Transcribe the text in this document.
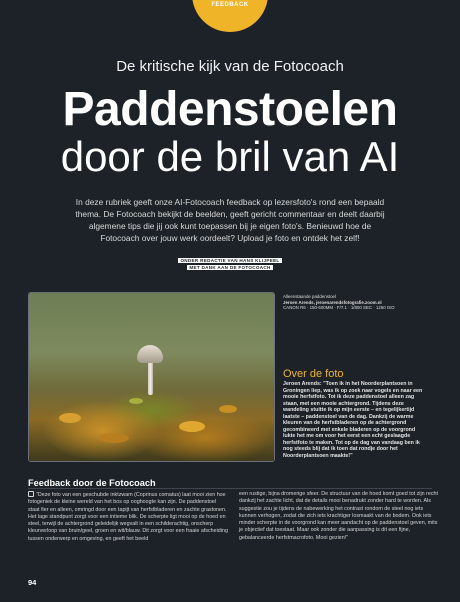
FEEDBACK
De kritische kijk van de Fotocoach
Paddenstoelen
door de bril van AI
In deze rubriek geeft onze AI-Fotocoach feedback op lezersfoto's rond een bepaald thema. De Fotocoach bekijkt de beelden, geeft gericht commentaar en deelt daarbij algemene tips die jij ook kunt toepassen bij je eigen foto's. Benieuwd hoe de Fotocoach over jouw werk oordeelt? Upload je foto en ontdek het zelf!
ONDER REDACTIE VAN HANS KLIJPEEL
MET DANK AAN DE FOTOCOACH
Alleenstaande paddenstoel
Jeroen Arends, jeroenarendsfotografie.zoom.nl
CANON R6 · 150-600MM · F/7.1 · 1/800 SEC · 1250 ISO
Over de foto
Jeroen Arends: "Toen ik in het Noorderplantsoen in Groningen liep, was ik op zoek naar vogels en naar een mooie herfstfoto. Tot ik deze paddenstoel alleen zag staan, met een mooie achtergrond. Tijdens deze wandeling stuitte ik op mijn eerste – en tegelijkertijd laatste – paddenstoel van de dag. Dankzij de warme kleuren van de herfstbladeren op de achtergrond gecombineerd met enkele bladeren op de voorgrond lukte het me om voor het eerst een echt geslaagde herfstfoto te maken. Tot op de dag van vandaag ben ik nog steeds blij dat ik toen dat rondje door het Noorderplantsoen maakte!"
Feedback door de Fotocoach
"Deze foto van een geschubde inktzwam (Coprinus comatus) laat mooi zien hoe fotogeniek de kleine wereld van het bos op ooghoogte kan zijn. De paddenstoel staat fier en alleen, omringd door een tapijt van herfstbladeren en zachte grastonen. Het lage standpunt zorgt voor een intieme blik. De scherpte ligt mooi op de hoed en steel, terwijl de achtergrond geleidelijk wegvalt in een schilderachtig, onscherp kleurverloop van bruin/geel, groen en wit/blauw. Dit zorgt voor een fraaie afscheiding tussen onderwerp en omgeving, en geeft het beeld
een rustige, bijna dromerige sfeer. De structuur van de hoed komt goed tot zijn recht dankzij het zachte licht, dat de details mooi benadrukt zonder hard te worden. Als suggestie zou je tijdens de nabewerking het contrast rondom de steel nog iets kunnen verhogen, zodat die zich iets krachtiger losmaakt van de bodem. Ook iets minder scherpte in de voorgrond kan meer aandacht op de paddenstoel geven, mits je objectief dat toestaat. Maar ook zonder die aanpassing is dit een fijne, gebalanceerde herfstmacrofoto. Mooi gezien!"
94
